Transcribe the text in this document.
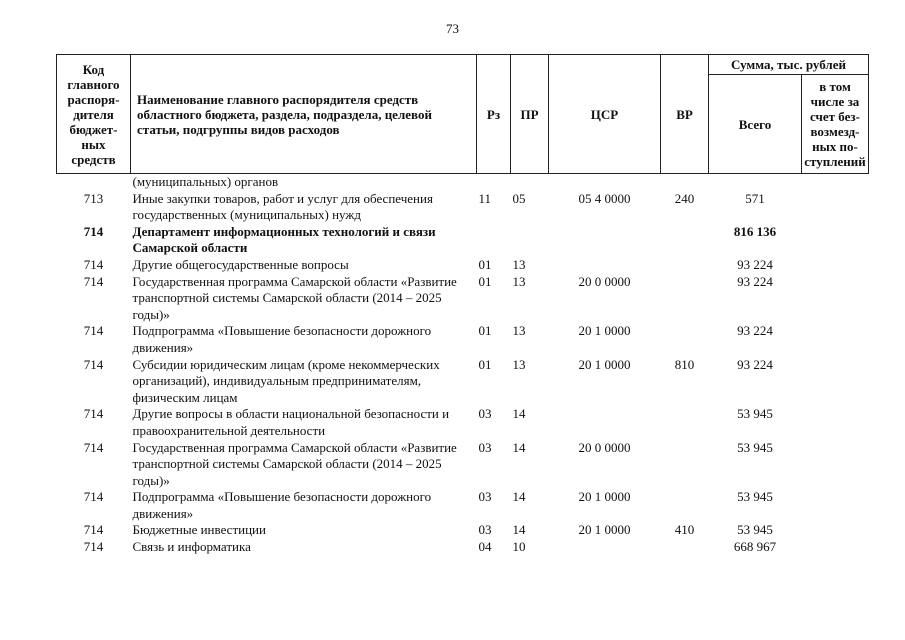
73
Код главного распоря-дителя бюджет-ных средств	Наименование главного распорядителя средств областного бюджета, раздела, подраздела, целевой статьи, подгруппы видов расходов	Рз	ПР	ЦСР	ВР	Сумма, тыс. рублей	
						Всего	в том числе за счет без-возмезд-ных по-ступлений
	(муниципальных) органов						
713	Иные закупки товаров, работ и услуг для обеспечения государственных (муниципальных) нужд	11	05	05 4 0000	240	571	
714	Департамент информационных технологий и связи Самарской области					816 136	
714	Другие общегосударственные вопросы	01	13			93 224	
714	Государственная программа Самарской области «Развитие транспортной системы Самарской области (2014 – 2025 годы)»	01	13	20 0 0000		93 224	
714	Подпрограмма «Повышение безопасности дорожного движения»	01	13	20 1 0000		93 224	
714	Субсидии юридическим лицам (кроме некоммерческих организаций), индивидуальным предпринимателям, физическим лицам	01	13	20 1 0000	810	93 224	
714	Другие вопросы в области национальной безопасности и правоохранительной деятельности	03	14			53 945	
714	Государственная программа Самарской области «Развитие транспортной системы Самарской области (2014 – 2025 годы)»	03	14	20 0 0000		53 945	
714	Подпрограмма «Повышение безопасности дорожного движения»	03	14	20 1 0000		53 945	
714	Бюджетные инвестиции	03	14	20 1 0000	410	53 945	
714	Связь и информатика	04	10			668 967	
